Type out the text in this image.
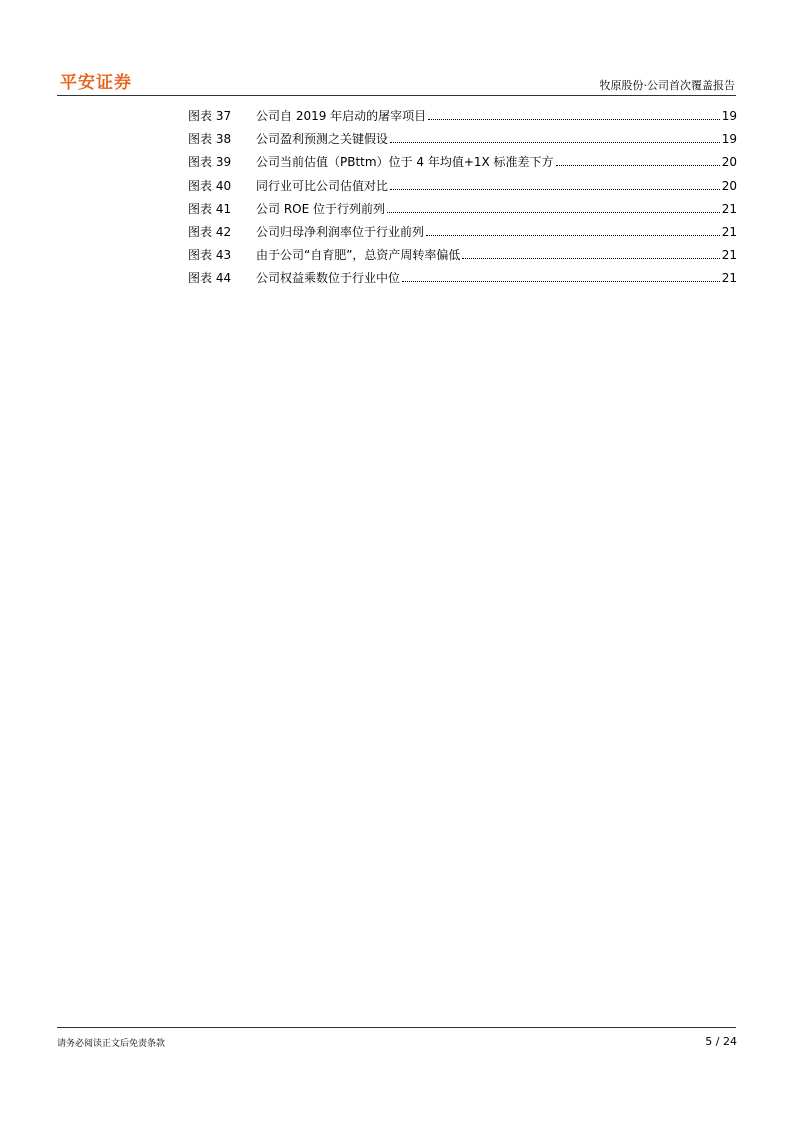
平安证券	牧原股份·公司首次覆盖报告
图表 37	公司自 2019 年启动的屠宰项目	19
图表 38	公司盈利预测之关键假设	19
图表 39	公司当前估值（PBttm）位于 4 年均值+1X 标准差下方	20
图表 40	同行业可比公司估值对比	20
图表 41	公司 ROE 位于行列前列	21
图表 42	公司归母净利润率位于行业前列	21
图表 43	由于公司“自育肥”，总资产周转率偏低	21
图表 44	公司权益乘数位于行业中位	21
请务必阅读正文后免责条款	5 / 24
